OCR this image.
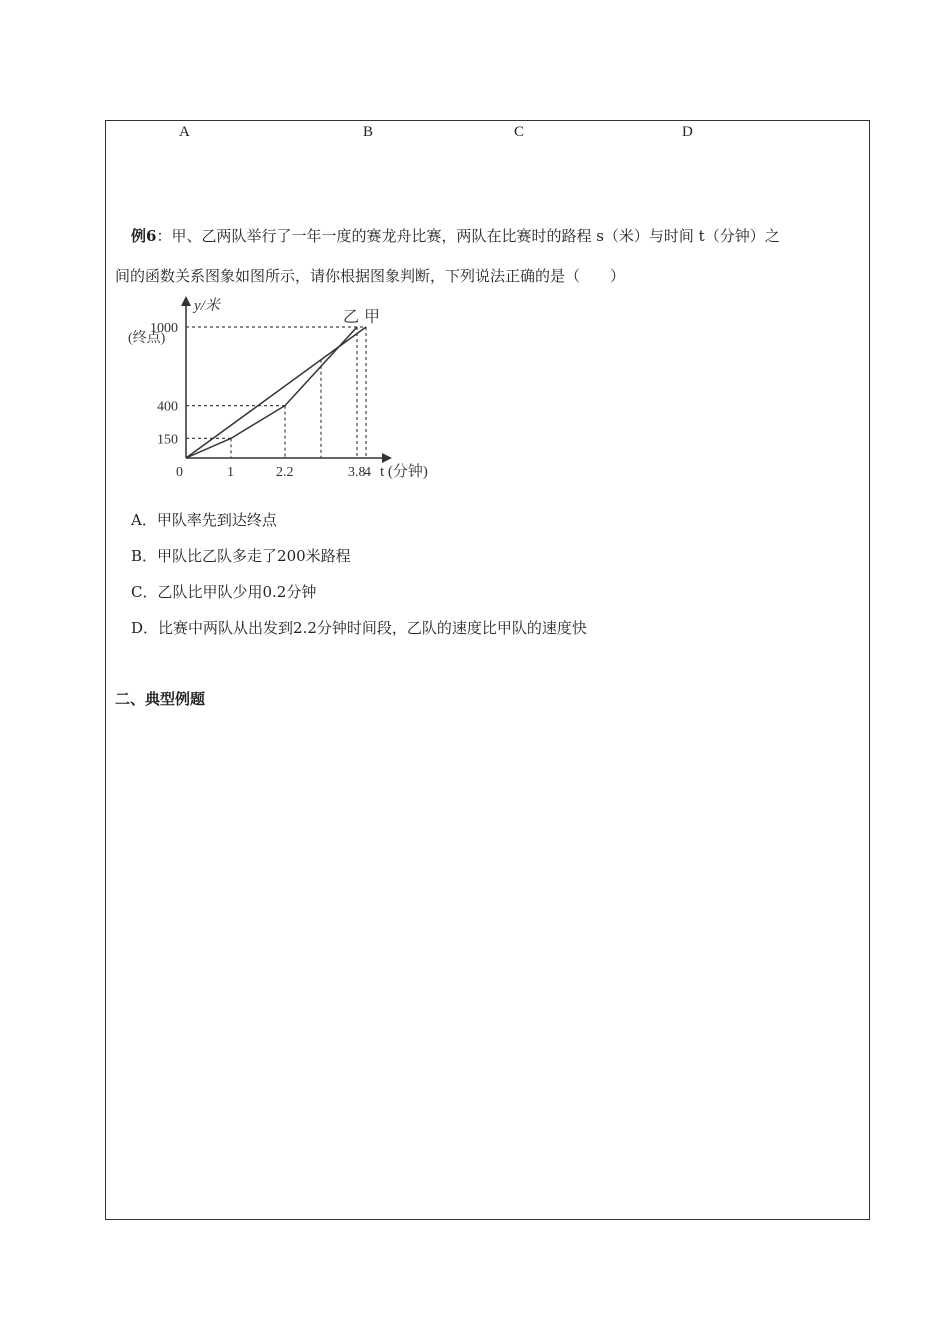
A	B	C	D
例6：甲、乙两队举行了一年一度的赛龙舟比赛，两队在比赛时的路程 s（米）与时间 t（分钟）之
间的函数关系图象如图所示，请你根据图象判断，下列说法正确的是（　　）
y/米
t (分钟)
0
(终点)
甲
乙
1	2.2	3.8
4
150
400
1000
A．甲队率先到达终点
B．甲队比乙队多走了200米路程
C．乙队比甲队少用0.2分钟
D．比赛中两队从出发到2.2分钟时间段，乙队的速度比甲队的速度快
二、典型例题
